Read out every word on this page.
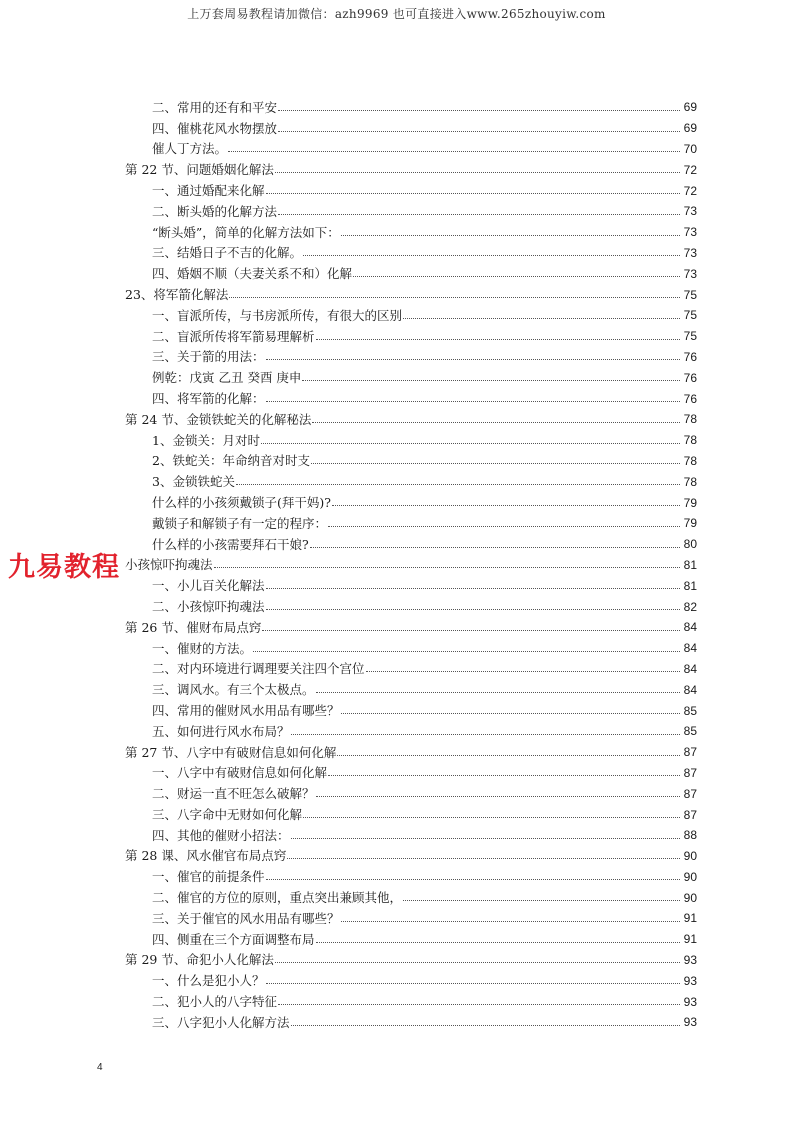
上万套周易教程请加微信：azh9969 也可直接进入www.265zhouyiw.com
二、常用的还有和平安	69
四、催桃花风水物摆放	69
催人丁方法。	70
第 22 节、问题婚姻化解法	72
一、通过婚配来化解	72
二、断头婚的化解方法	73
“断头婚”，简单的化解方法如下：	73
三、结婚日子不吉的化解。	73
四、婚姻不顺（夫妻关系不和）化解	73
23、将军箭化解法	75
一、盲派所传，与书房派所传，有很大的区别	75
二、盲派所传将军箭易理解析	75
三、关于箭的用法：	76
例乾：戊寅 乙丑 癸酉 庚申	76
四、将军箭的化解：	76
第 24 节、金锁铁蛇关的化解秘法	78
1、金锁关：月对时	78
2、铁蛇关：年命纳音对时支	78
3、金锁铁蛇关	78
什么样的小孩须戴锁子(拜干妈)?	79
戴锁子和解锁子有一定的程序：	79
什么样的小孩需要拜石干娘?	80
小孩惊吓拘魂法	81
一、小儿百关化解法	81
二、小孩惊吓拘魂法	82
第 26 节、催财布局点窍	84
一、催财的方法。	84
二、对内环境进行调理要关注四个宫位	84
三、调风水。有三个太极点。	84
四、常用的催财风水用品有哪些？	85
五、如何进行风水布局？	85
第 27 节、八字中有破财信息如何化解	87
一、八字中有破财信息如何化解	87
二、财运一直不旺怎么破解？	87
三、八字命中无财如何化解	87
四、其他的催财小招法：	88
第 28 课、风水催官布局点窍	90
一、催官的前提条件	90
二、催官的方位的原则，重点突出兼顾其他，	90
三、关于催官的风水用品有哪些？	91
四、侧重在三个方面调整布局	91
第 29 节、命犯小人化解法	93
一、什么是犯小人？	93
二、犯小人的八字特征	93
三、八字犯小人化解方法	93
九易教程
4
